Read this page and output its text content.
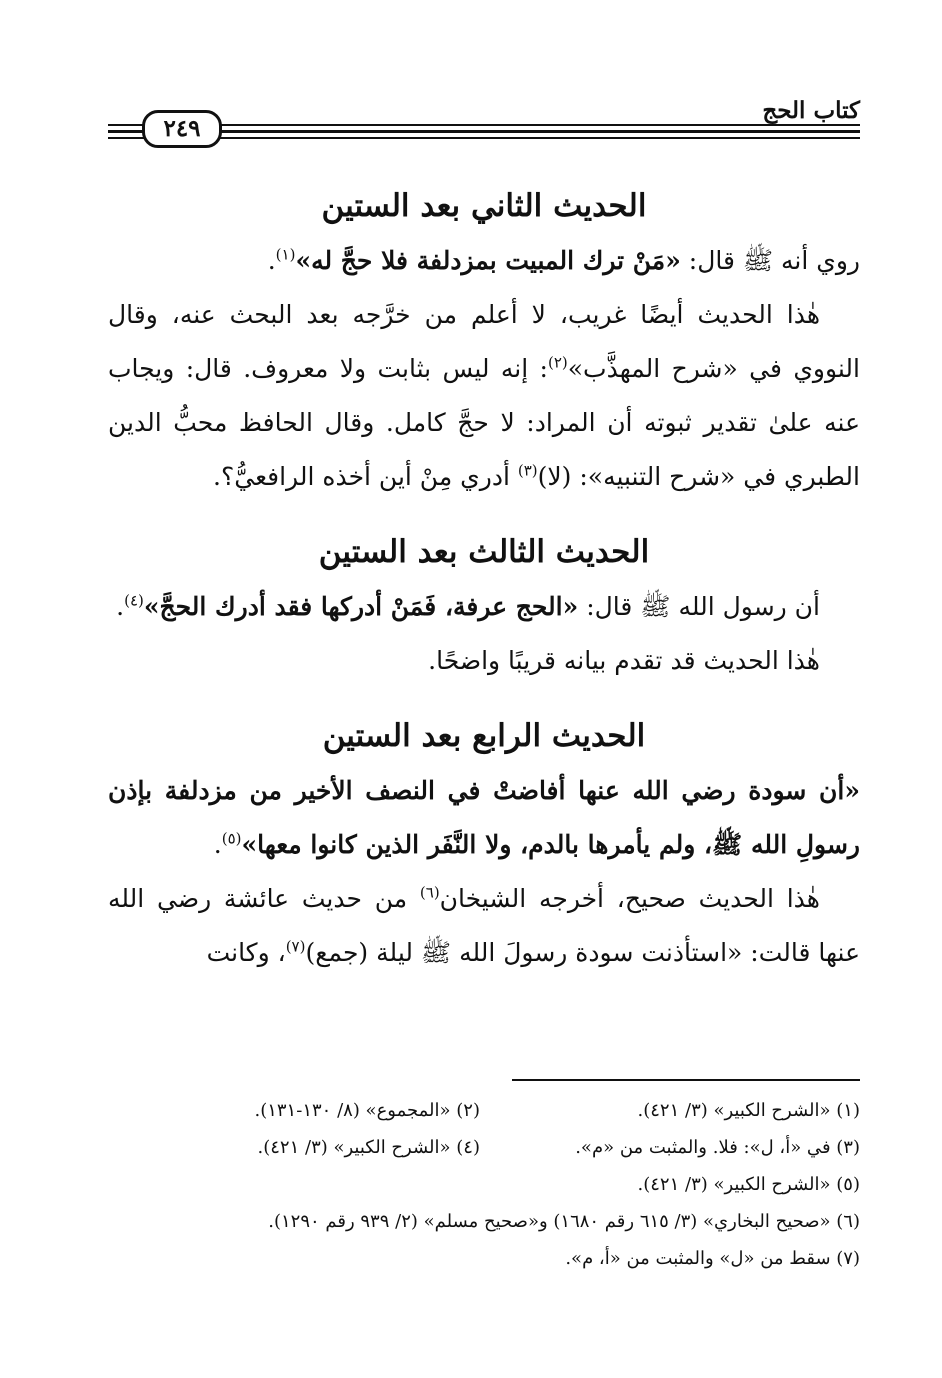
كتاب الحج
٢٤٩
الحديث الثاني بعد الستين

روي أنه ﷺ قال: «مَنْ ترك المبيت بمزدلفة فلا حجَّ له»$^{(١)}$.

هٰذا الحديث أيضًا غريب، لا أعلم من خرَّجه بعد البحث عنه، وقال النووي في «شرح المهذَّب»$^{(٢)}$: إنه ليس بثابت ولا معروف. قال: ويجاب عنه علىٰ تقدير ثبوته أن المراد: لا حجَّ كامل. وقال الحافظ محبُّ الدين الطبري في «شرح التنبيه»: (لا)$^{(٣)}$ أدري مِنْ أين أخذه الرافعيُّ؟.

الحديث الثالث بعد الستين

أن رسول الله ﷺ قال: «الحج عرفة، فَمَنْ أدركها فقد أدرك الحجَّ»$^{(٤)}$.

هٰذا الحديث قد تقدم بيانه قريبًا واضحًا.

الحديث الرابع بعد الستين

«أن سودة رضي الله عنها أفاضتْ في النصف الأخير من مزدلفة بإذن رسولِ الله ﷺ، ولم يأمرها بالدم، ولا النَّفَر الذين كانوا معها»$^{(٥)}$.

هٰذا الحديث صحيح، أخرجه الشيخان$^{(٦)}$ من حديث عائشة رضي الله عنها قالت: «استأذنت سودة رسولَ الله ﷺ ليلة (جمع)$^{(٧)}$، وكانت

(١) «الشرح الكبير» (٣/ ٤٢١).
(٢) «المجموع» (٨/ ١٣٠-١٣١).
(٣) في «أ، ل»: فلا. والمثبت من «م».
(٤) «الشرح الكبير» (٣/ ٤٢١).
(٥) «الشرح الكبير» (٣/ ٤٢١).
(٦) «صحيح البخاري» (٣/ ٦١٥ رقم ١٦٨٠) و«صحيح مسلم» (٢/ ٩٣٩ رقم ١٢٩٠).
(٧) سقط من «ل» والمثبت من «أ، م».
